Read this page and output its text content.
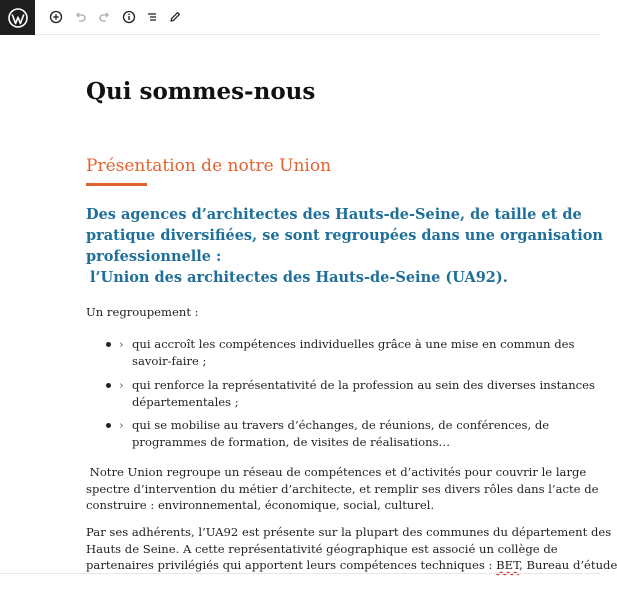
Qui sommes-nous
Présentation de notre Union

Des agences d’architectes des Hauts-de-Seine, de taille et de
pratique diversifiées, se sont regroupées dans une organisation
professionnelle :
l’Union des architectes des Hauts-de-Seine (UA92).

Un regroupement :

› qui accroît les compétences individuelles grâce à une mise en commun des
savoir-faire ;
› qui renforce la représentativité de la profession au sein des diverses instances
départementales ;
› qui se mobilise au travers d’échanges, de réunions, de conférences, de
programmes de formation, de visites de réalisations…

Notre Union regroupe un réseau de compétences et d’activités pour couvrir le large
spectre d’intervention du métier d’architecte, et remplir ses divers rôles dans l’acte de
construire : environnemental, économique, social, culturel.

Par ses adhérents, l’UA92 est présente sur la plupart des communes du département des
Hauts de Seine. A cette représentativité géographique est associé un collège de
partenaires privilégiés qui apportent leurs compétences techniques : BET, Bureau d’étude
